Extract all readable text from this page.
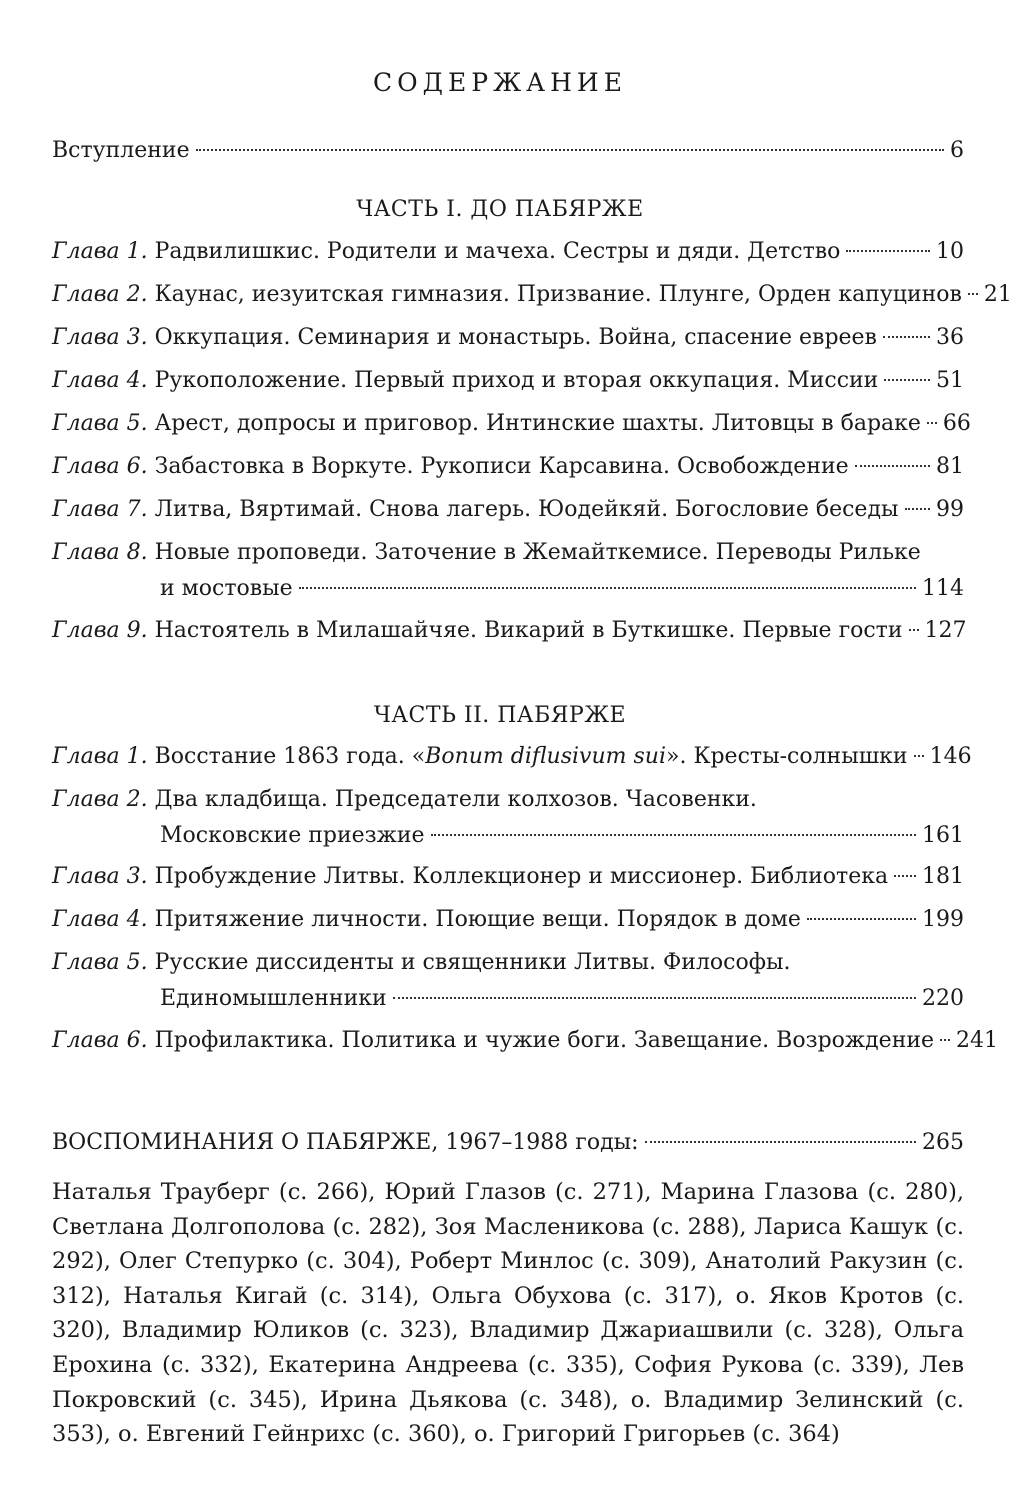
СОДЕРЖАНИЕ
Вступление	6
ЧАСТЬ I. ДО ПАБЯРЖЕ
Глава 1. Радвилишкис. Родители и мачеха. Сестры и дяди. Детство	10
Глава 2. Каунас, иезуитская гимназия. Призвание. Плунге, Орден капуцинов 21
Глава 3. Оккупация. Семинария и монастырь. Война, спасение евреев	36
Глава 4. Рукоположение. Первый приход и вторая оккупация. Миссии	51
Глава 5. Арест, допросы и приговор. Интинские шахты. Литовцы в бараке 66
Глава 6. Забастовка в Воркуте. Рукописи Карсавина. Освобождение	81
Глава 7. Литва, Вяртимай. Снова лагерь. Юодейкяй. Богословие беседы 99
Глава 8. Новые проповеди. Заточение в Жемайткемисе. Переводы Рильке
и мостовые	114
Глава 9. Настоятель в Милашайчяе. Викарий в Буткишке. Первые гости 127
ЧАСТЬ II. ПАБЯРЖЕ
Глава 1. Восстание 1863 года. «Bonum diflusivum sui». Кресты-солнышки 146
Глава 2. Два кладбища. Председатели колхозов. Часовенки.
Московские приезжие	161
Глава 3. Пробуждение Литвы. Коллекционер и миссионер. Библиотека 181
Глава 4. Притяжение личности. Поющие вещи. Порядок в доме	199
Глава 5. Русские диссиденты и священники Литвы. Философы.
Единомышленники	220
Глава 6. Профилактика. Политика и чужие боги. Завещание. Возрождение 241
ВОСПОМИНАНИЯ О ПАБЯРЖЕ, 1967–1988 годы:	265
Наталья Трауберг (с. 266), Юрий Глазов (с. 271), Марина Глазова (с. 280), Светлана Долгополова (с. 282), Зоя Масленикова (с. 288), Лариса Кашук (с. 292), Олег Степурко (с. 304), Роберт Минлос (с. 309), Анатолий Ракузин (с. 312), Наталья Кигай (с. 314), Ольга Обухова (с. 317), о. Яков Кротов (с. 320), Владимир Юликов (с. 323), Владимир Джариашвили (с. 328), Ольга Ерохина (с. 332), Екатерина Андреева (с. 335), София Рукова (с. 339), Лев Покровский (с. 345), Ирина Дьякова (с. 348), о. Владимир Зелинский (с. 353), о. Евгений Гейнрихс (с. 360), о. Григорий Григорьев (с. 364)
